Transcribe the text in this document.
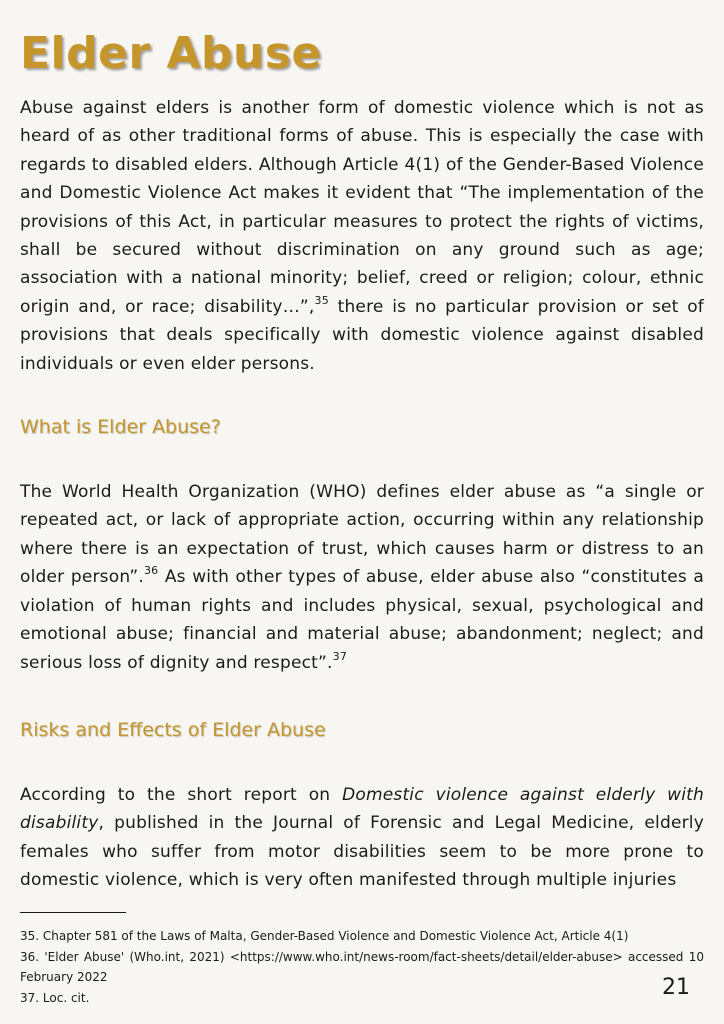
Elder Abuse

Abuse against elders is another form of domestic violence which is not as heard of as other traditional forms of abuse. This is especially the case with regards to disabled elders. Although Article 4(1) of the Gender-Based Violence and Domestic Violence Act makes it evident that “The implementation of the provisions of this Act, in particular measures to protect the rights of victims, shall be secured without discrimination on any ground such as age; association with a national minority; belief, creed or religion; colour, ethnic origin and, or race; disability…”,$^{35}$ there is no particular provision or set of provisions that deals specifically with domestic violence against disabled individuals or even elder persons.

What is Elder Abuse?

The World Health Organization (WHO) defines elder abuse as “a single or repeated act, or lack of appropriate action, occurring within any relationship where there is an expectation of trust, which causes harm or distress to an older person”.$^{36}$ As with other types of abuse, elder abuse also “constitutes a violation of human rights and includes physical, sexual, psychological and emotional abuse; financial and material abuse; abandonment; neglect; and serious loss of dignity and respect”.$^{37}$

Risks and Effects of Elder Abuse

According to the short report on Domestic violence against elderly with disability, published in the Journal of Forensic and Legal Medicine, elderly females who suffer from motor disabilities seem to be more prone to domestic violence, which is very often manifested through multiple injuries

35. Chapter 581 of the Laws of Malta, Gender-Based Violence and Domestic Violence Act, Article 4(1)

36. 'Elder Abuse' (Who.int, 2021) <https://www.who.int/news-room/fact-sheets/detail/elder-abuse> accessed 10 February 2022

37. Loc. cit.	21
